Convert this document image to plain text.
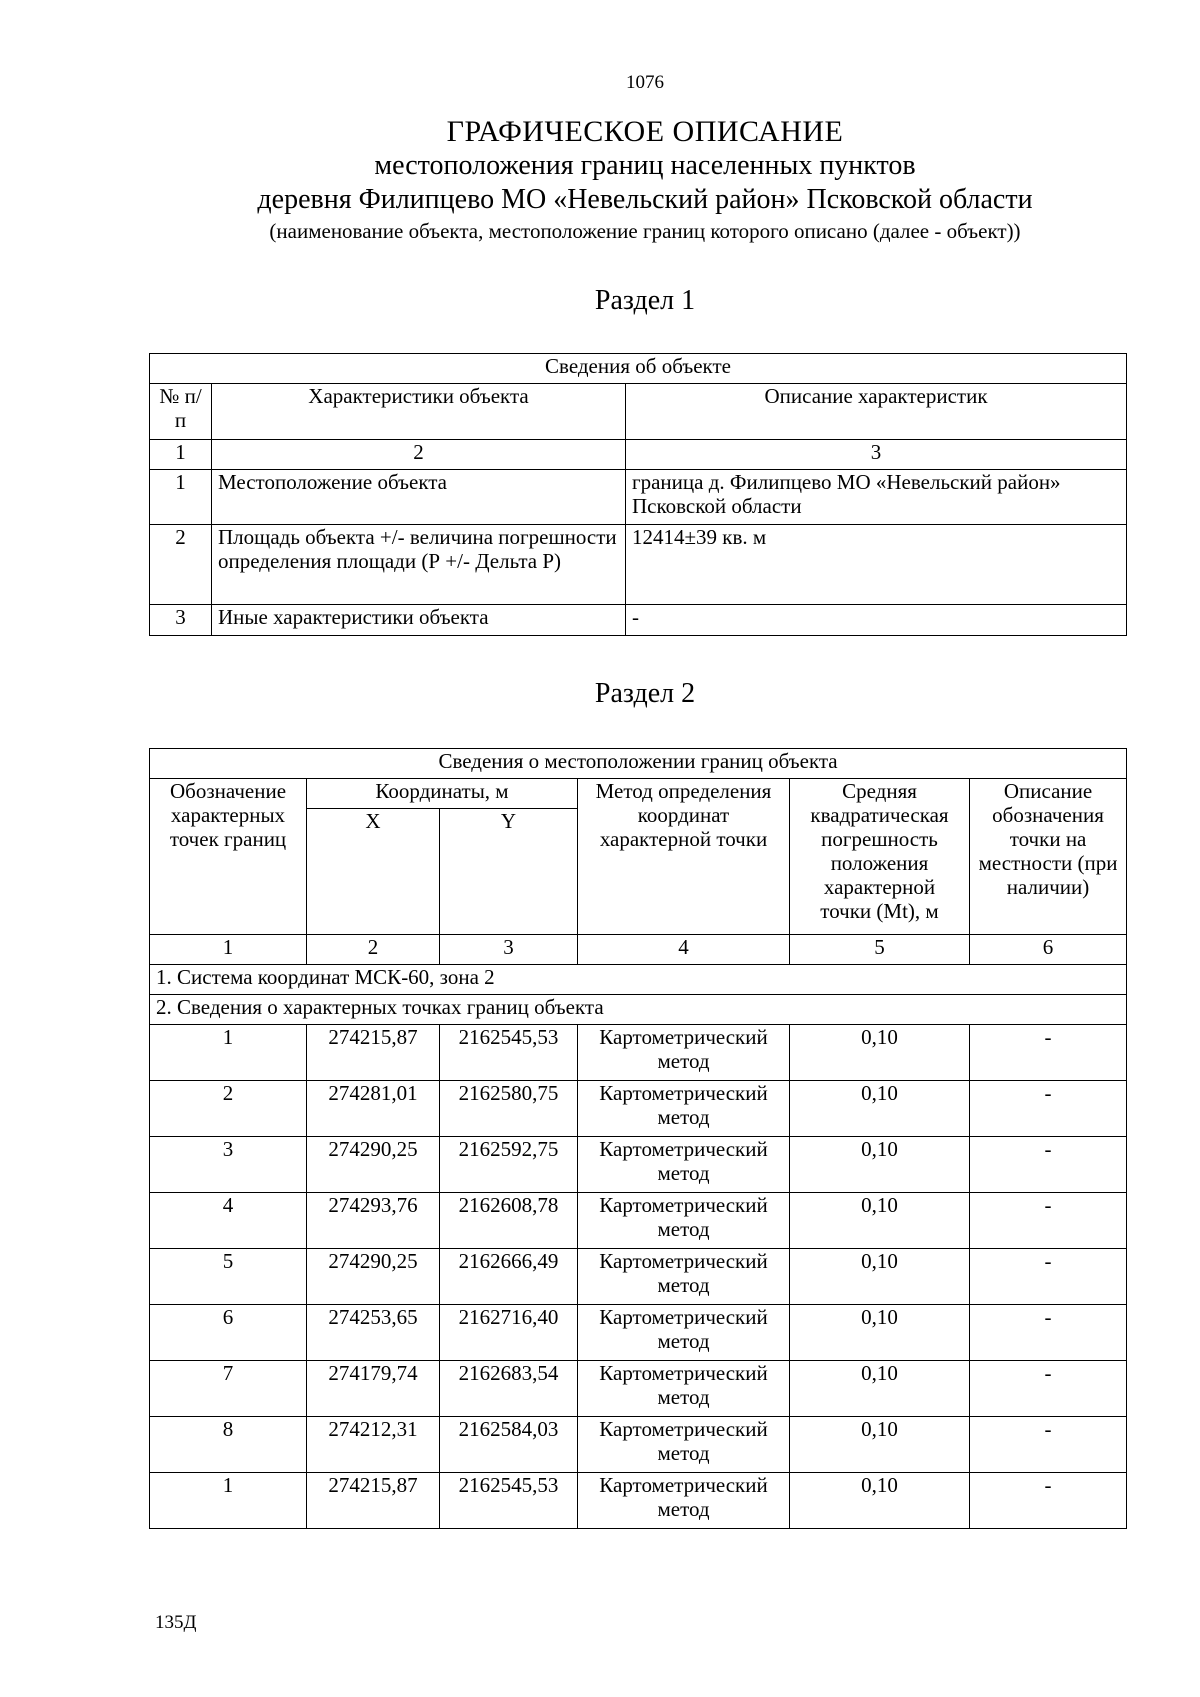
1076
ГРАФИЧЕСКОЕ ОПИСАНИЕ
местоположения границ населенных пунктов
деревня Филипцево МО «Невельский район» Псковской области
(наименование объекта, местоположение границ которого описано (далее - объект))
Раздел 1
Сведения об объекте		
№ п/п	Характеристики объекта	Описание характеристик
1	2	3
1	Местоположение объекта	граница д. Филипцево МО «Невельский район» Псковской области
2	Площадь объекта +/- величина погрешности определения площади (Р +/- Дельта Р)	12414±39 кв. м
3	Иные характеристики объекта	-
Раздел 2
Сведения о местоположении границ объекта					
Обозначение характерных точек границ	Координаты, м		Метод определения координат характерной точки	Средняя квадратическая погрешность положения характерной точки (Mt), м	Описание обозначения точки на местности (при наличии)
	X	Y			
1	2	3	4	5	6
1. Система координат МСК-60, зона 2					
2. Сведения о характерных точках границ объекта					
1	274215,87	2162545,53	Картометрический метод	0,10	-
2	274281,01	2162580,75	Картометрический метод	0,10	-
3	274290,25	2162592,75	Картометрический метод	0,10	-
4	274293,76	2162608,78	Картометрический метод	0,10	-
5	274290,25	2162666,49	Картометрический метод	0,10	-
6	274253,65	2162716,40	Картометрический метод	0,10	-
7	274179,74	2162683,54	Картометрический метод	0,10	-
8	274212,31	2162584,03	Картометрический метод	0,10	-
1	274215,87	2162545,53	Картометрический метод	0,10	-
135Д
